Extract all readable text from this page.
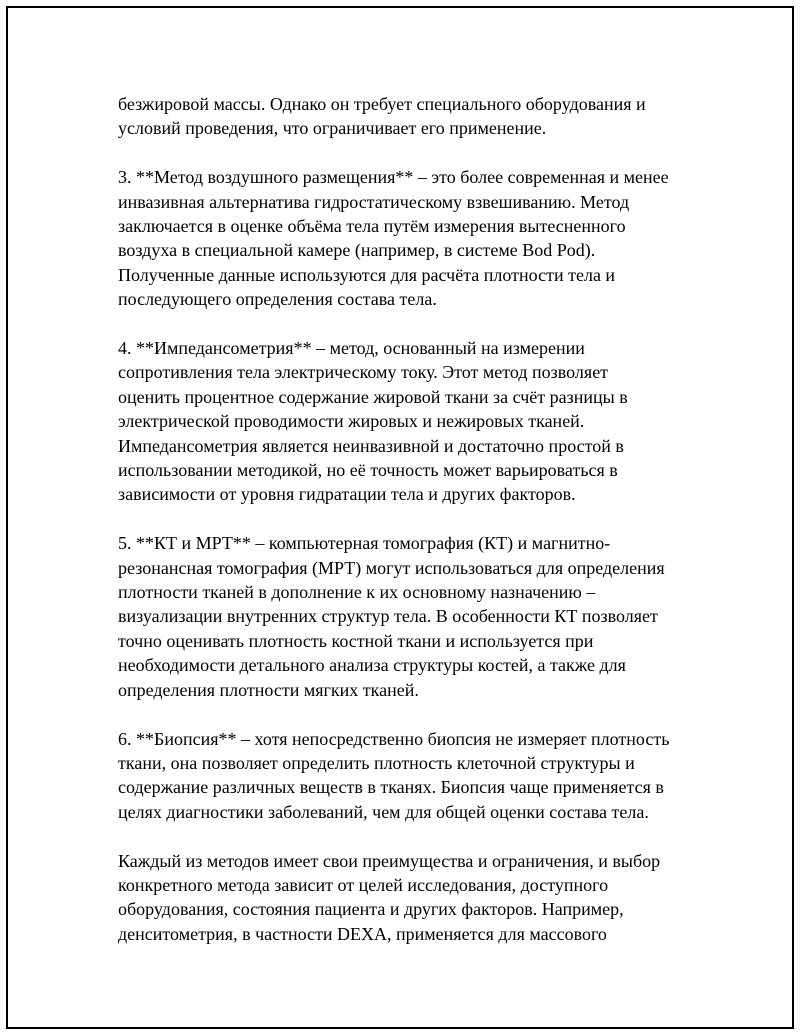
безжировой массы. Однако он требует специального оборудования и
условий проведения, что ограничивает его применение.

3. **Метод воздушного размещения** – это более современная и менее
инвазивная альтернатива гидростатическому взвешиванию. Метод
заключается в оценке объёма тела путём измерения вытесненного
воздуха в специальной камере (например, в системе Bod Pod).
Полученные данные используются для расчёта плотности тела и
последующего определения состава тела.

4. **Импедансометрия** – метод, основанный на измерении
сопротивления тела электрическому току. Этот метод позволяет
оценить процентное содержание жировой ткани за счёт разницы в
электрической проводимости жировых и нежировых тканей.
Импедансометрия является неинвазивной и достаточно простой в
использовании методикой, но её точность может варьироваться в
зависимости от уровня гидратации тела и других факторов.

5. **КТ и МРТ** – компьютерная томография (КТ) и магнитно-
резонансная томография (МРТ) могут использоваться для определения
плотности тканей в дополнение к их основному назначению –
визуализации внутренних структур тела. В особенности КТ позволяет
точно оценивать плотность костной ткани и используется при
необходимости детального анализа структуры костей, а также для
определения плотности мягких тканей.

6. **Биопсия** – хотя непосредственно биопсия не измеряет плотность
ткани, она позволяет определить плотность клеточной структуры и
содержание различных веществ в тканях. Биопсия чаще применяется в
целях диагностики заболеваний, чем для общей оценки состава тела.

Каждый из методов имеет свои преимущества и ограничения, и выбор
конкретного метода зависит от целей исследования, доступного
оборудования, состояния пациента и других факторов. Например,
денситометрия, в частности DEXA, применяется для массового
